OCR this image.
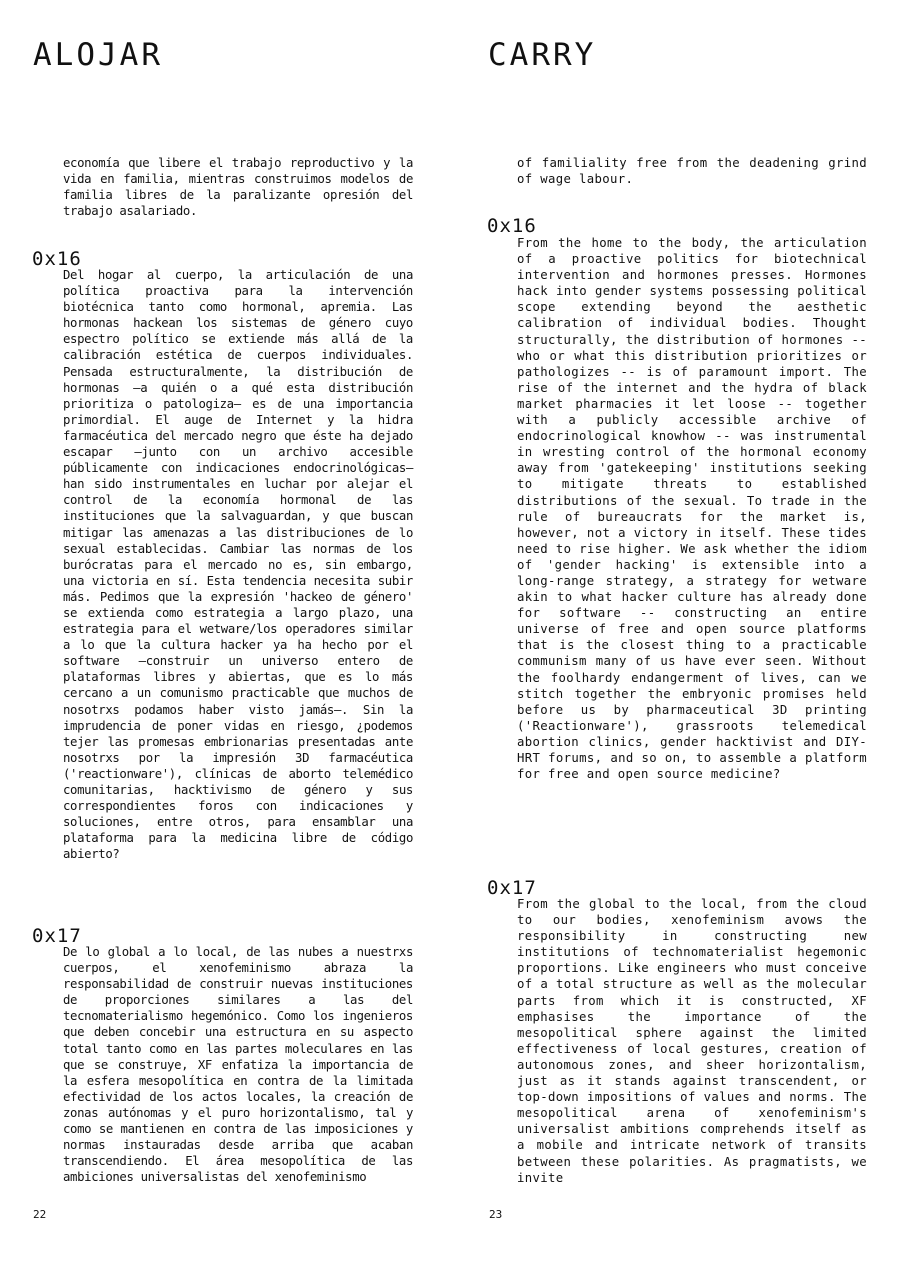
ALOJAR

economía que libere el trabajo reproductivo y la vida en familia, mientras construimos modelos de familia libres de la paralizante opresión del trabajo asalariado.

0x16

Del hogar al cuerpo, la articulación de una política proactiva para la intervención biotécnica tanto como hormonal, apremia. Las hormonas hackean los sistemas de género cuyo espectro político se extiende más allá de la calibración estética de cuerpos individuales. Pensada estructuralmente, la distribución de hormonas —a quién o a qué esta distribución prioritiza o patologiza— es de una importancia primordial. El auge de Internet y la hidra farmacéutica del mercado negro que éste ha dejado escapar —junto con un archivo accesible públicamente con indicaciones endocrinológicas— han sido instrumentales en luchar por alejar el control de la economía hormonal de las instituciones que la salvaguardan, y que buscan mitigar las amenazas a las distribuciones de lo sexual establecidas. Cambiar las normas de los burócratas para el mercado no es, sin embargo, una victoria en sí. Esta tendencia necesita subir más. Pedimos que la expresión 'hackeo de género' se extienda como estrategia a largo plazo, una estrategia para el wetware/los operadores similar a lo que la cultura hacker ya ha hecho por el software —construir un universo entero de plataformas libres y abiertas, que es lo más cercano a un comunismo practicable que muchos de nosotrxs podamos haber visto jamás—. Sin la imprudencia de poner vidas en riesgo, ¿podemos tejer las promesas embrionarias presentadas ante nosotrxs por la impresión 3D farmacéutica ('reactionware'), clínicas de aborto telemédico comunitarias, hacktivismo de género y sus correspondientes foros con indicaciones y soluciones, entre otros, para ensamblar una plataforma para la medicina libre de código abierto?

0x17

De lo global a lo local, de las nubes a nuestrxs cuerpos, el xenofeminismo abraza la responsabilidad de construir nuevas instituciones de proporciones similares a las del tecnomaterialismo hegemónico. Como los ingenieros que deben concebir una estructura en su aspecto total tanto como en las partes moleculares en las que se construye, XF enfatiza la importancia de la esfera mesopolítica en contra de la limitada efectividad de los actos locales, la creación de zonas autónomas y el puro horizontalismo, tal y como se mantienen en contra de las imposiciones y normas instauradas desde arriba que acaban transcendiendo. El área mesopolítica de las ambiciones universalistas del xenofeminismo

22
CARRY

of familiality free from the deadening grind of wage labour.

0x16

From the home to the body, the articulation of a proactive politics for biotechnical intervention and hormones presses. Hormones hack into gender systems possessing political scope extending beyond the aesthetic calibration of individual bodies. Thought structurally, the distribution of hormones -- who or what this distribution prioritizes or pathologizes -- is of paramount import. The rise of the internet and the hydra of black market pharmacies it let loose -- together with a publicly accessible archive of endocrinological knowhow -- was instrumental in wresting control of the hormonal economy away from 'gatekeeping' institutions seeking to mitigate threats to established distributions of the sexual. To trade in the rule of bureaucrats for the market is, however, not a victory in itself. These tides need to rise higher. We ask whether the idiom of 'gender hacking' is extensible into a long-range strategy, a strategy for wetware akin to what hacker culture has already done for software -- constructing an entire universe of free and open source platforms that is the closest thing to a practicable communism many of us have ever seen. Without the foolhardy endangerment of lives, can we stitch together the embryonic promises held before us by pharmaceutical 3D printing ('Reactionware'), grassroots telemedical abortion clinics, gender hacktivist and DIY-HRT forums, and so on, to assemble a platform for free and open source medicine?

0x17

From the global to the local, from the cloud to our bodies, xenofeminism avows the responsibility in constructing new institutions of technomaterialist hegemonic proportions. Like engineers who must conceive of a total structure as well as the molecular parts from which it is constructed, XF emphasises the importance of the mesopolitical sphere against the limited effectiveness of local gestures, creation of autonomous zones, and sheer horizontalism, just as it stands against transcendent, or top-down impositions of values and norms. The mesopolitical arena of xenofeminism's universalist ambitions comprehends itself as a mobile and intricate network of transits between these polarities. As pragmatists, we invite

23
